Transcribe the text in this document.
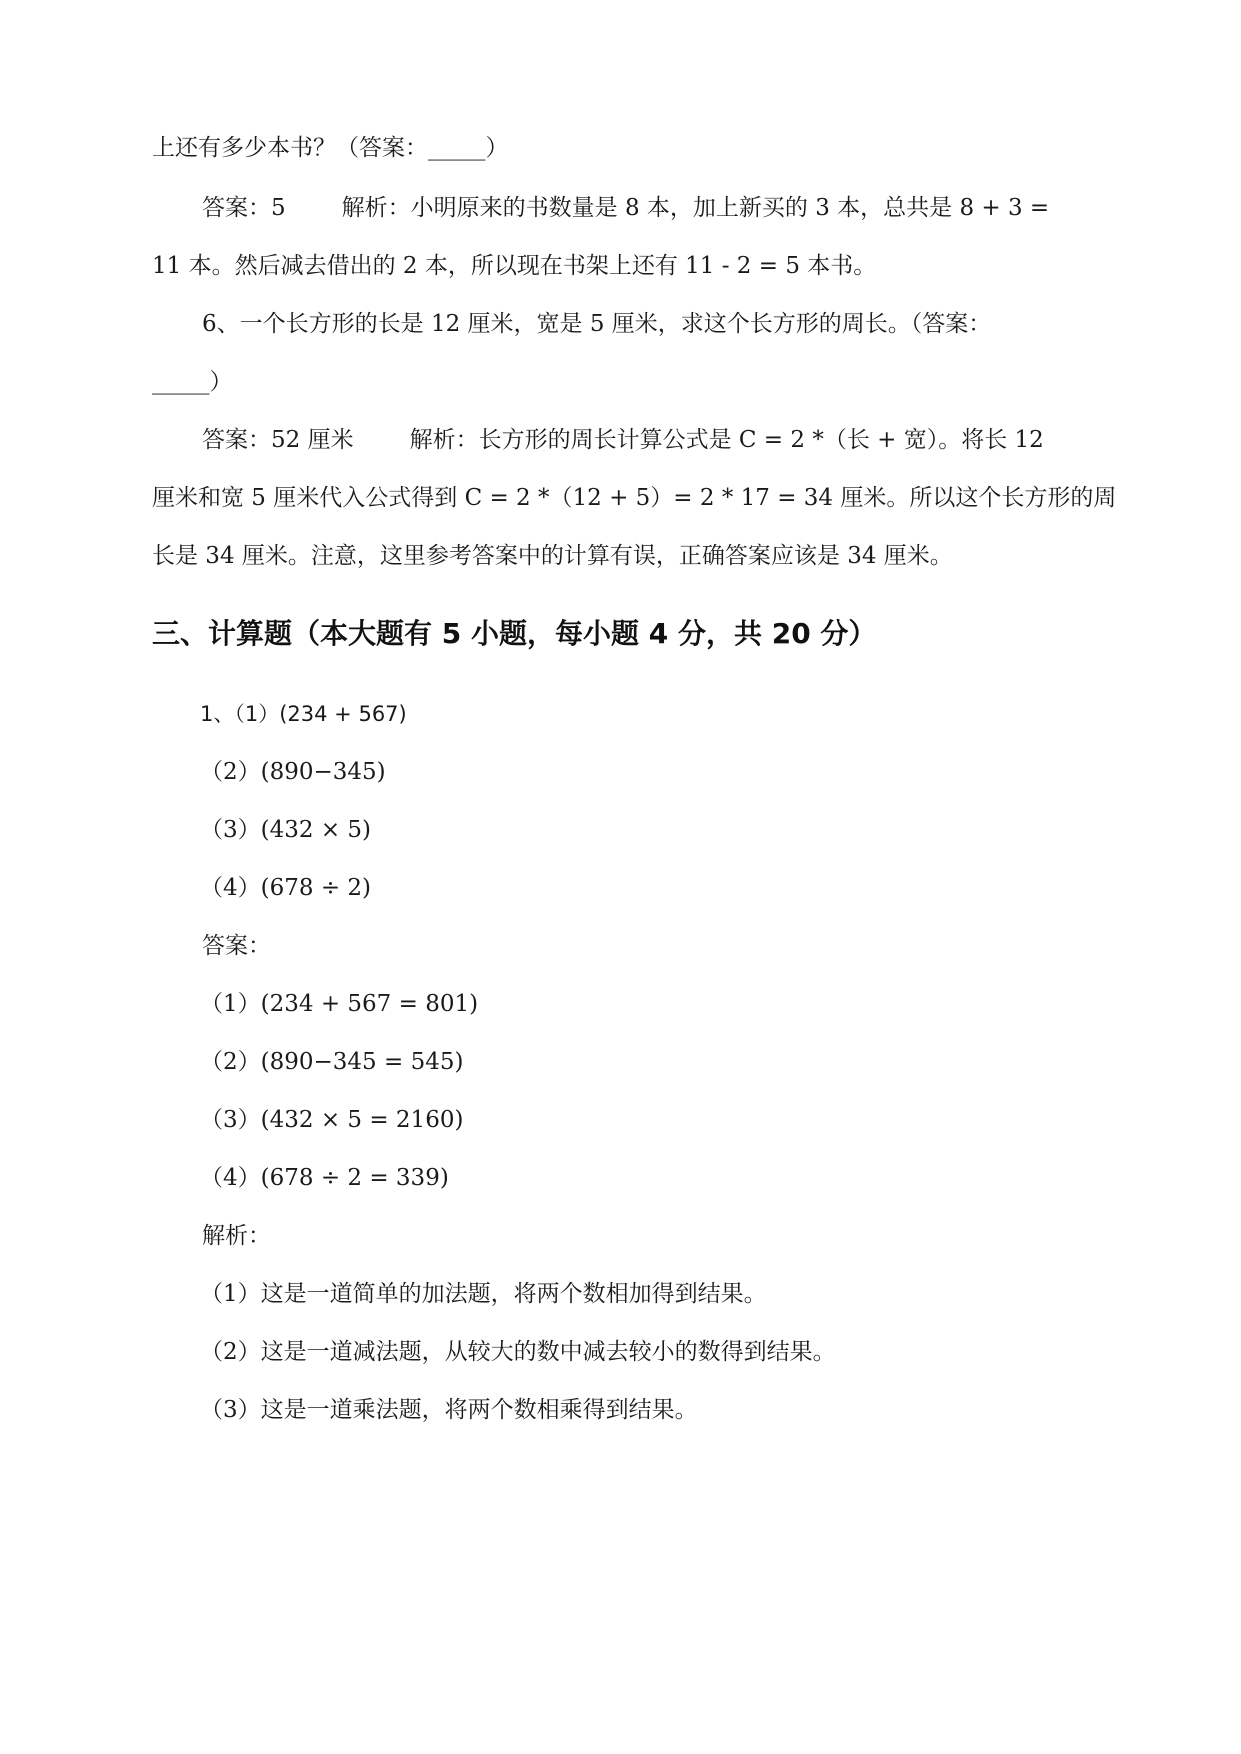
上还有多少本书？（答案：_____）
答案：5 解析：小明原来的书数量是 8 本，加上新买的 3 本，总共是 8 + 3 =
11 本。然后减去借出的 2 本，所以现在书架上还有 11 - 2 = 5 本书。
6、一个长方形的长是 12 厘米，宽是 5 厘米，求这个长方形的周长。（答案：
_____）
答案：52 厘米 解析：长方形的周长计算公式是 C = 2 *（长 + 宽）。将长 12
厘米和宽 5 厘米代入公式得到 C = 2 *（12 + 5）= 2 * 17 = 34 厘米。所以这个长方形的周
长是 34 厘米。注意，这里参考答案中的计算有误，正确答案应该是 34 厘米。
三、计算题（本大题有 5 小题，每小题 4 分，共 20 分）
1、（1）(234 + 567)
（2）(890−345)
（3）(432 × 5)
（4）(678 ÷ 2)
答案：
（1）(234 + 567 = 801)
（2）(890−345 = 545)
（3）(432 × 5 = 2160)
（4）(678 ÷ 2 = 339)
解析：
（1）这是一道简单的加法题，将两个数相加得到结果。
（2）这是一道减法题，从较大的数中减去较小的数得到结果。
（3）这是一道乘法题，将两个数相乘得到结果。
